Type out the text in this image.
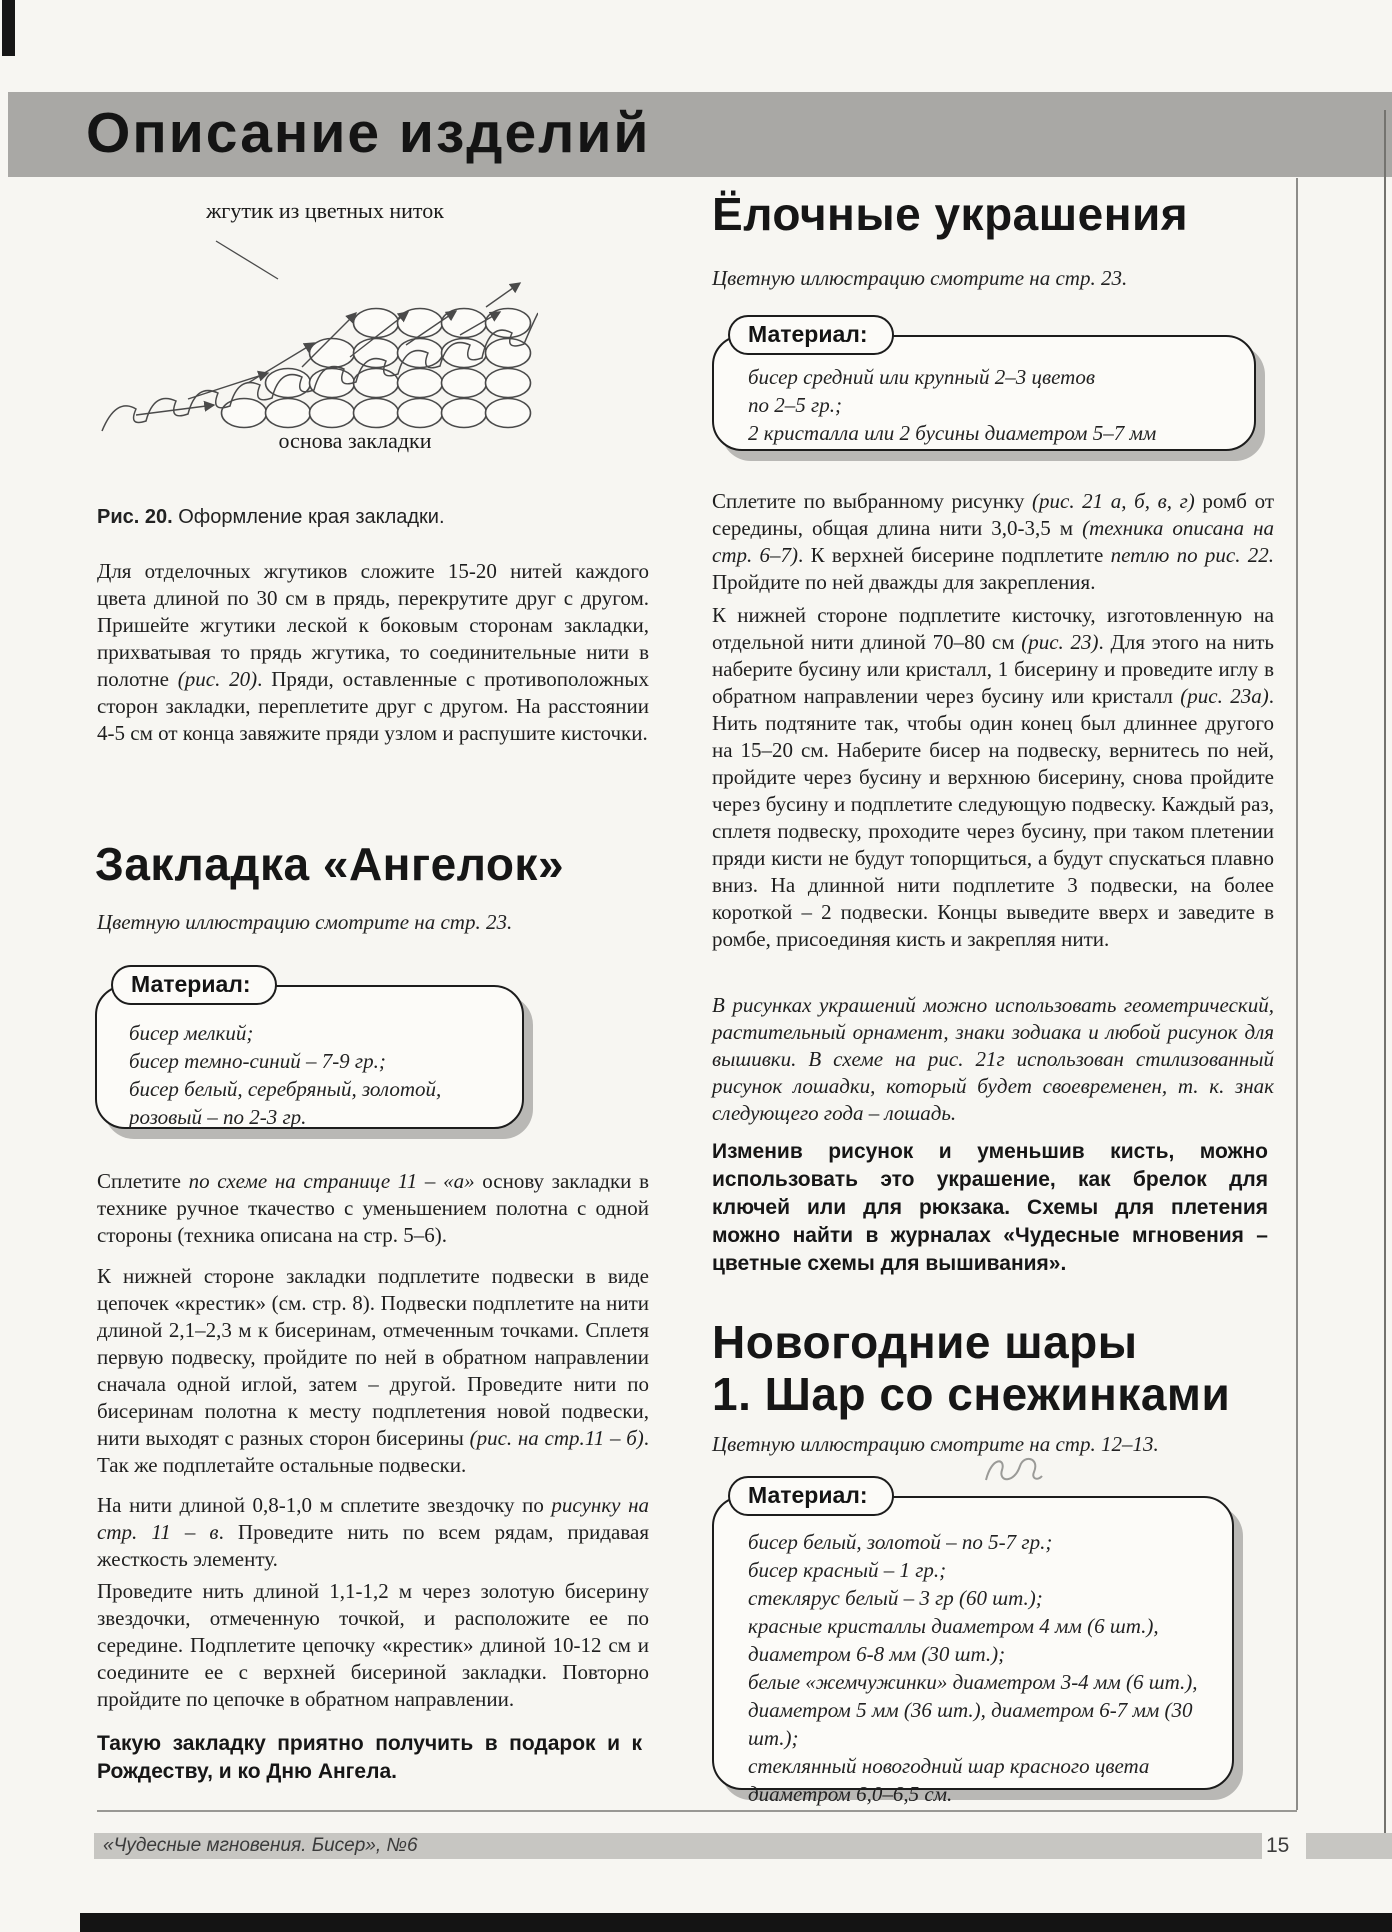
Описание изделий
жгутик из цветных ниток
основа закладки
Рис. 20. Оформление края закладки.

Для отделочных жгутиков сложите 15-20 нитей каждого цвета длиной по 30 см в прядь, перекрутите друг с другом. Пришейте жгутики леской к боковым сторонам закладки, прихватывая то прядь жгутика, то соединительные нити в полотне (рис. 20). Пряди, оставленные с противоположных сторон закладки, переплетите друг с другом. На расстоянии 4-5 см от конца завяжите пряди узлом и распушите кисточки.

Закладка «Ангелок»
Цветную иллюстрацию смотрите на стр. 23.
Материал:
бисер мелкий;
бисер темно-синий – 7-9 гр.;
бисер белый, серебряный, золотой,
розовый – по 2-3 гр.

Сплетите по схеме на странице 11 – «а» основу закладки в технике ручное ткачество с уменьшением полотна с одной стороны (техника описана на стр. 5–6).

К нижней стороне закладки подплетите подвески в виде цепочек «крестик» (см. стр. 8). Подвески подплетите на нити длиной 2,1–2,3 м к бисеринам, отмеченным точками. Сплетя первую подвеску, пройдите по ней в обратном направлении сначала одной иглой, затем – другой. Проведите нити по бисеринам полотна к месту подплетения новой подвески, нити выходят с разных сторон бисерины (рис. на стр.11 – б). Так же подплетайте остальные подвески.

На нити длиной 0,8-1,0 м сплетите звездочку по рисунку на стр. 11 – в. Проведите нить по всем рядам, придавая жесткость элементу.

Проведите нить длиной 1,1-1,2 м через золотую бисерину звездочки, отмеченную точкой, и расположите ее по середине. Подплетите цепочку «крестик» длиной 10-12 см и соедините ее с верхней бисериной закладки. Повторно пройдите по цепочке в обратном направлении.

Такую закладку приятно получить в подарок и к Рождеству, и ко Дню Ангела.

Ёлочные украшения
Цветную иллюстрацию смотрите на стр. 23.
Материал:
бисер средний или крупный 2–3 цветов
по 2–5 гр.;
2 кристалла или 2 бусины диаметром 5–7 мм

Сплетите по выбранному рисунку (рис. 21 а, б, в, г) ромб от середины, общая длина нити 3,0-3,5 м (техника описана на стр. 6–7). К верхней бисерине подплетите петлю по рис. 22. Пройдите по ней дважды для закрепления.

К нижней стороне подплетите кисточку, изготовленную на отдельной нити длиной 70–80 см (рис. 23). Для этого на нить наберите бусину или кристалл, 1 бисерину и проведите иглу в обратном направлении через бусину или кристалл (рис. 23а). Нить подтяните так, чтобы один конец был длиннее другого на 15–20 см. Наберите бисер на подвеску, вернитесь по ней, пройдите через бусину и верхнюю бисерину, снова пройдите через бусину и подплетите следующую подвеску. Каждый раз, сплетя подвеску, проходите через бусину, при таком плетении пряди кисти не будут топорщиться, а будут спускаться плавно вниз. На длинной нити подплетите 3 подвески, на более короткой – 2 подвески. Концы выведите вверх и заведите в ромбе, присоединяя кисть и закрепляя нити.

В рисунках украшений можно использовать геометрический, растительный орнамент, знаки зодиака и любой рисунок для вышивки. В схеме на рис. 21г использован стилизованный рисунок лошадки, который будет своевременен, т. к. знак следующего года – лошадь.

Изменив рисунок и уменьшив кисть, можно использовать это украшение, как брелок для ключей или для рюкзака. Схемы для плетения можно найти в журналах «Чудесные мгновения – цветные схемы для вышивания».

Новогодние шары
1. Шар со снежинками
Цветную иллюстрацию смотрите на стр. 12–13.
Материал:
бисер белый, золотой – по 5-7 гр.;
бисер красный – 1 гр.;
стеклярус белый – 3 гр (60 шт.);
красные кристаллы диаметром 4 мм (6 шт.),
диаметром 6-8 мм (30 шт.);
белые «жемчужинки» диаметром 3-4 мм (6 шт.),
диаметром 5 мм (36 шт.), диаметром 6-7 мм (30 шт.);
стеклянный новогодний шар красного цвета
диаметром 6,0–6,5 см.
«Чудесные мгновения. Бисер», №6	15
